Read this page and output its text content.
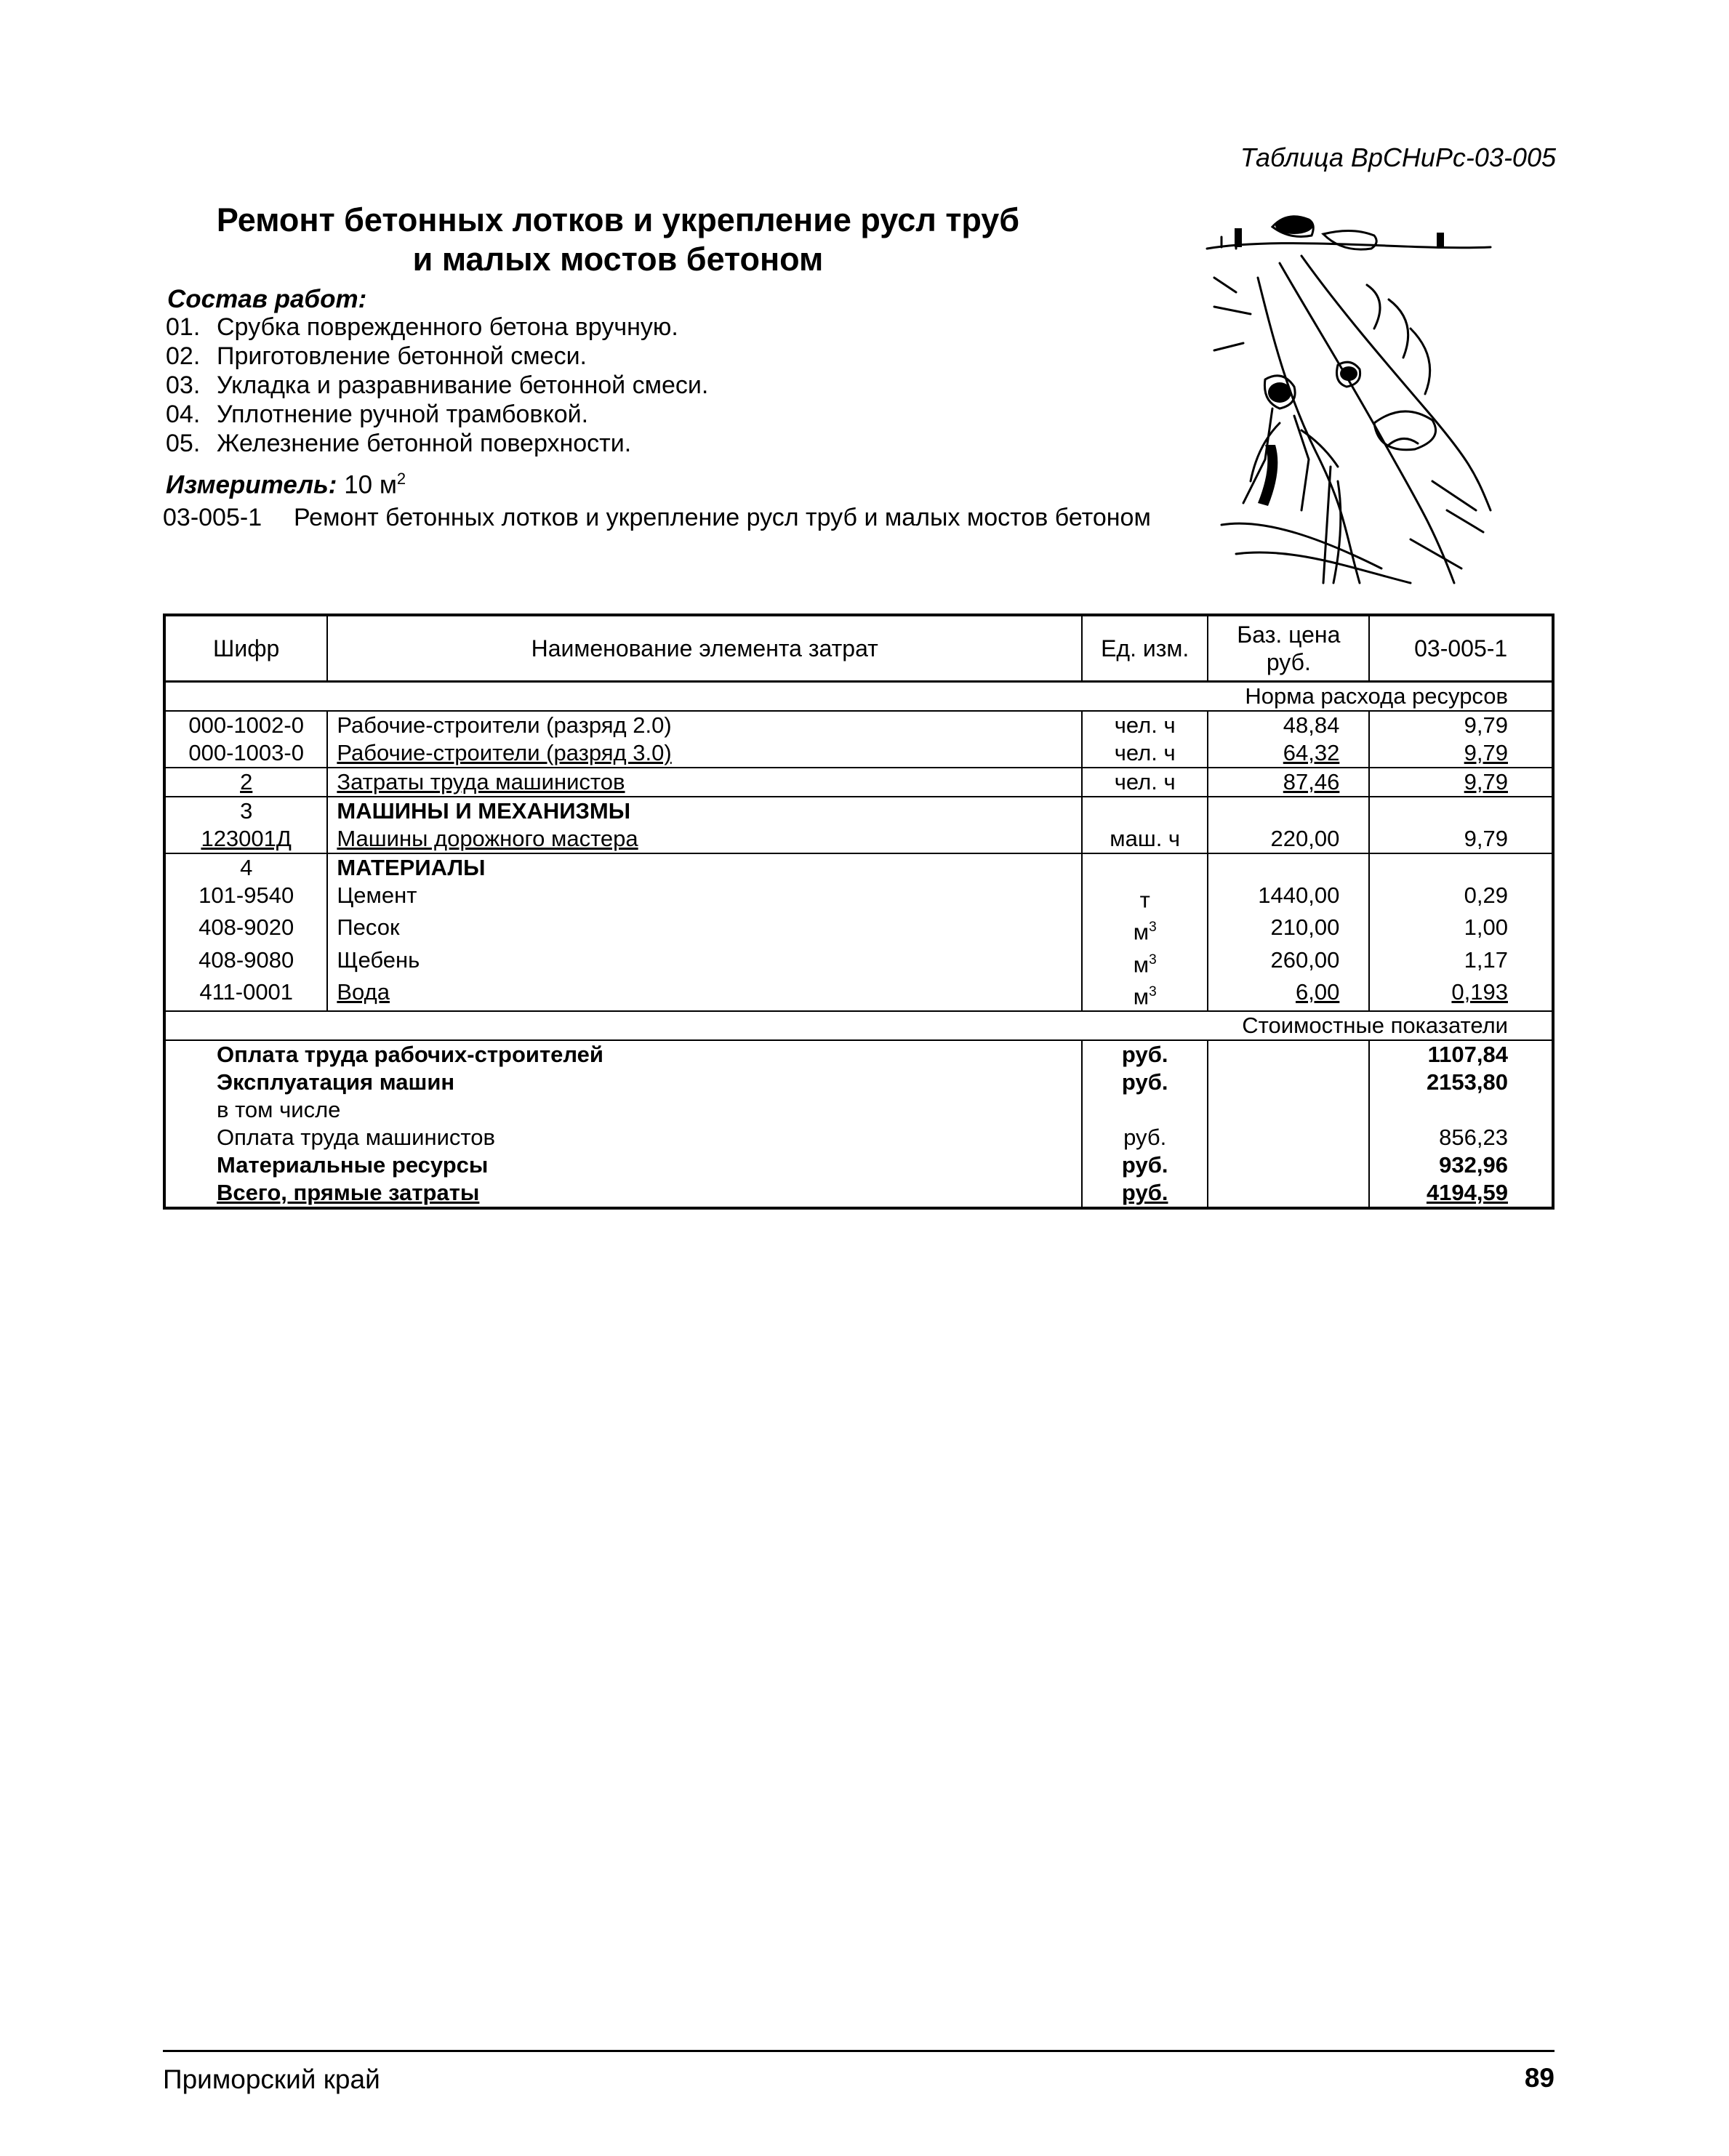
Таблица ВрСНиРс-03-005
Ремонт бетонных лотков и укрепление русл труб
и малых мостов бетоном
Состав работ:
01. Срубка поврежденного бетона вручную.
02. Приготовление бетонной смеси.
03. Укладка и разравнивание бетонной смеси.
04. Уплотнение ручной трамбовкой.
05. Железнение бетонной поверхности.
Измеритель: 10 $м^2$
03-005-1 Ремонт бетонных лотков и укрепление русл труб и малых мостов бетоном
Шифр	Наименование элемента затрат	Ед. изм.	Баз. цена руб.	03-005-1
Норма расхода ресурсов				
000-1002-0	Рабочие-строители (разряд 2.0)	чел. ч	48,84	9,79
000-1003-0	Рабочие-строители (разряд 3.0)	чел. ч	64,32	9,79
2	Затраты труда машинистов	чел. ч	87,46	9,79
3	МАШИНЫ И МЕХАНИЗМЫ			
123001Д	Машины дорожного мастера	маш. ч	220,00	9,79
4	МАТЕРИАЛЫ			
101-9540	Цемент	т	1440,00	0,29
408-9020	Песок	$м^3$	210,00	1,00
408-9080	Щебень	$м^3$	260,00	1,17
411-0001	Вода	$м^3$	6,00	0,193
Стоимостные показатели				
Оплата труда рабочих-строителей		руб.		1107,84
Эксплуатация машин		руб.		2153,80
в том числе				
Оплата труда машинистов		руб.		856,23
Материальные ресурсы		руб.		932,96
Всего, прямые затраты		руб.		4194,59
Приморский край	89
